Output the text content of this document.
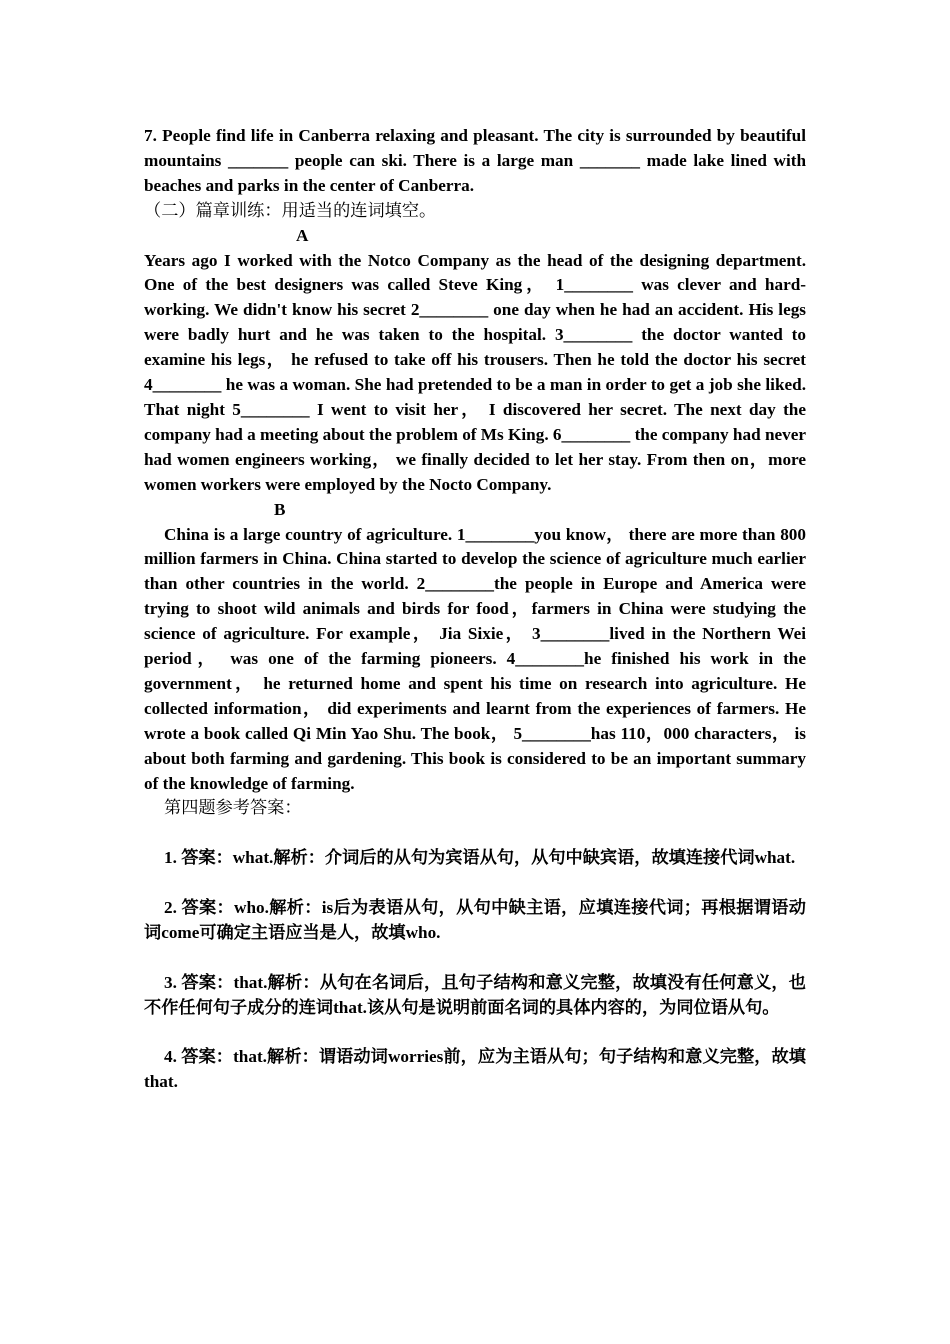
7. People find life in Canberra relaxing and pleasant. The city is surrounded by beautiful mountains _______ people can ski. There is a large man _______ made lake lined with beaches and parks in the center of Canberra.

（二）篇章训练：用适当的连词填空。

A

Years ago I worked with the Notco Company as the head of the designing department. One of the best designers was called Steve King， 1________ was clever and hard-working. We didn't know his secret 2________ one day when he had an accident. His legs were badly hurt and he was taken to the hospital. 3________ the doctor wanted to examine his legs， he refused to take off his trousers. Then he told the doctor his secret 4________ he was a woman. She had pretended to be a man in order to get a job she liked. That night 5________ I went to visit her， I discovered her secret. The next day the company had a meeting about the problem of Ms King. 6________ the company had never had women engineers working， we finally decided to let her stay. From then on，more women workers were employed by the Nocto Company.

B

China is a large country of agriculture. 1________you know， there are more than 800 million farmers in China. China started to develop the science of agriculture much earlier than other countries in the world. 2________the people in Europe and America were trying to shoot wild animals and birds for food，farmers in China were studying the science of agriculture. For example， Jia Sixie， 3________lived in the Northern Wei period， was one of the farming pioneers. 4________he finished his work in the government， he returned home and spent his time on research into agriculture. He collected information， did experiments and learnt from the experiences of farmers. He wrote a book called Qi Min Yao Shu. The book， 5________has 110，000 characters， is about both farming and gardening. This book is considered to be an important summary of the knowledge of farming.

第四题参考答案：

1. 答案：what.解析：介词后的从句为宾语从句，从句中缺宾语，故填连接代词what.

2. 答案：who.解析：is后为表语从句，从句中缺主语，应填连接代词；再根据谓语动词come可确定主语应当是人，故填who.

3. 答案：that.解析：从句在名词后，且句子结构和意义完整，故填没有任何意义，也不作任何句子成分的连词that.该从句是说明前面名词的具体内容的，为同位语从句。

4. 答案：that.解析：谓语动词worries前，应为主语从句；句子结构和意义完整，故填that.
